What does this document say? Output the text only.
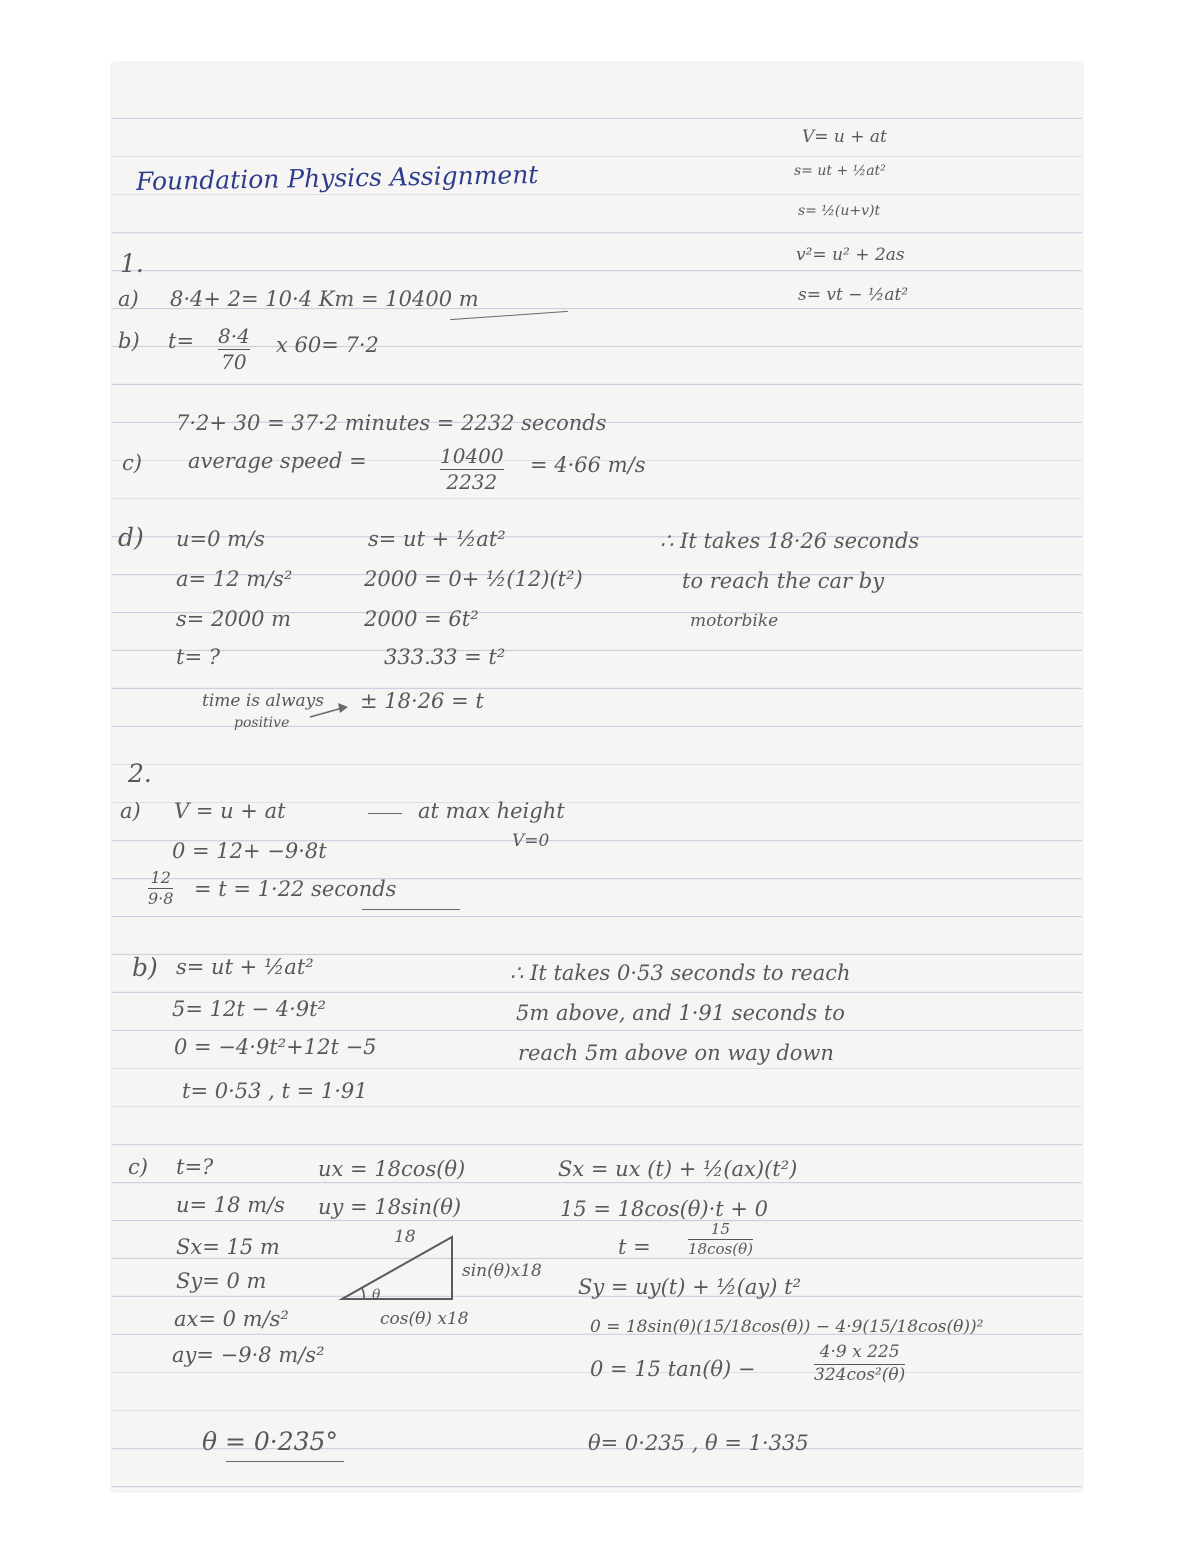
Foundation Physics Assignment
V= u + at
s= ut + ½at²
s= ½(u+v)t
v²= u² + 2as
s= vt − ½at²
1.
a) 8·4+ 2= 10·4 Km = 10400 m
b) t= 8·4
70
x 60= 7·2
7·2+ 30 = 37·2 minutes = 2232 seconds
c) average speed =	10400
2232
= 4·66 m/s
d) u=0 m/s
a= 12 m/s²
s= 2000 m
t= ?
s= ut + ½at²
2000 = 0+ ½(12)(t²)
2000 = 6t²
333.33 = t²
time is always
positive
± 18·26 = t
∴ It takes 18·26 seconds
to reach the car by
motorbike
2.
a) V = u + at	at max height
V=0
0 = 12+ −9·8t
12
9·8 = t = 1·22 seconds
b) s= ut + ½at²
5= 12t − 4·9t²
0 = −4·9t²+12t −5
t= 0·53 , t = 1·91
∴ It takes 0·53 seconds to reach
5m above, and 1·91 seconds to
reach 5m above on way down
c) t=?
u= 18 m/s
Sx= 15 m
Sy= 0 m
ax= 0 m/s²
ay= −9·8 m/s²
ux = 18cos(θ)
uy = 18sin(θ)
18
sin(θ)x18
cos(θ) x18
θ
Sx = ux (t) + ½(ax)(t²)
15 = 18cos(θ)·t + 0
t =
15
18cos(θ)
Sy = uy(t) + ½(ay) t²
0 = 18sin(θ)(15/18cos(θ)) − 4·9(15/18cos(θ))²
0 = 15 tan(θ) −
4·9 x 225
324cos²(θ)
θ= 0·235 , θ = 1·335
θ = 0·235°
